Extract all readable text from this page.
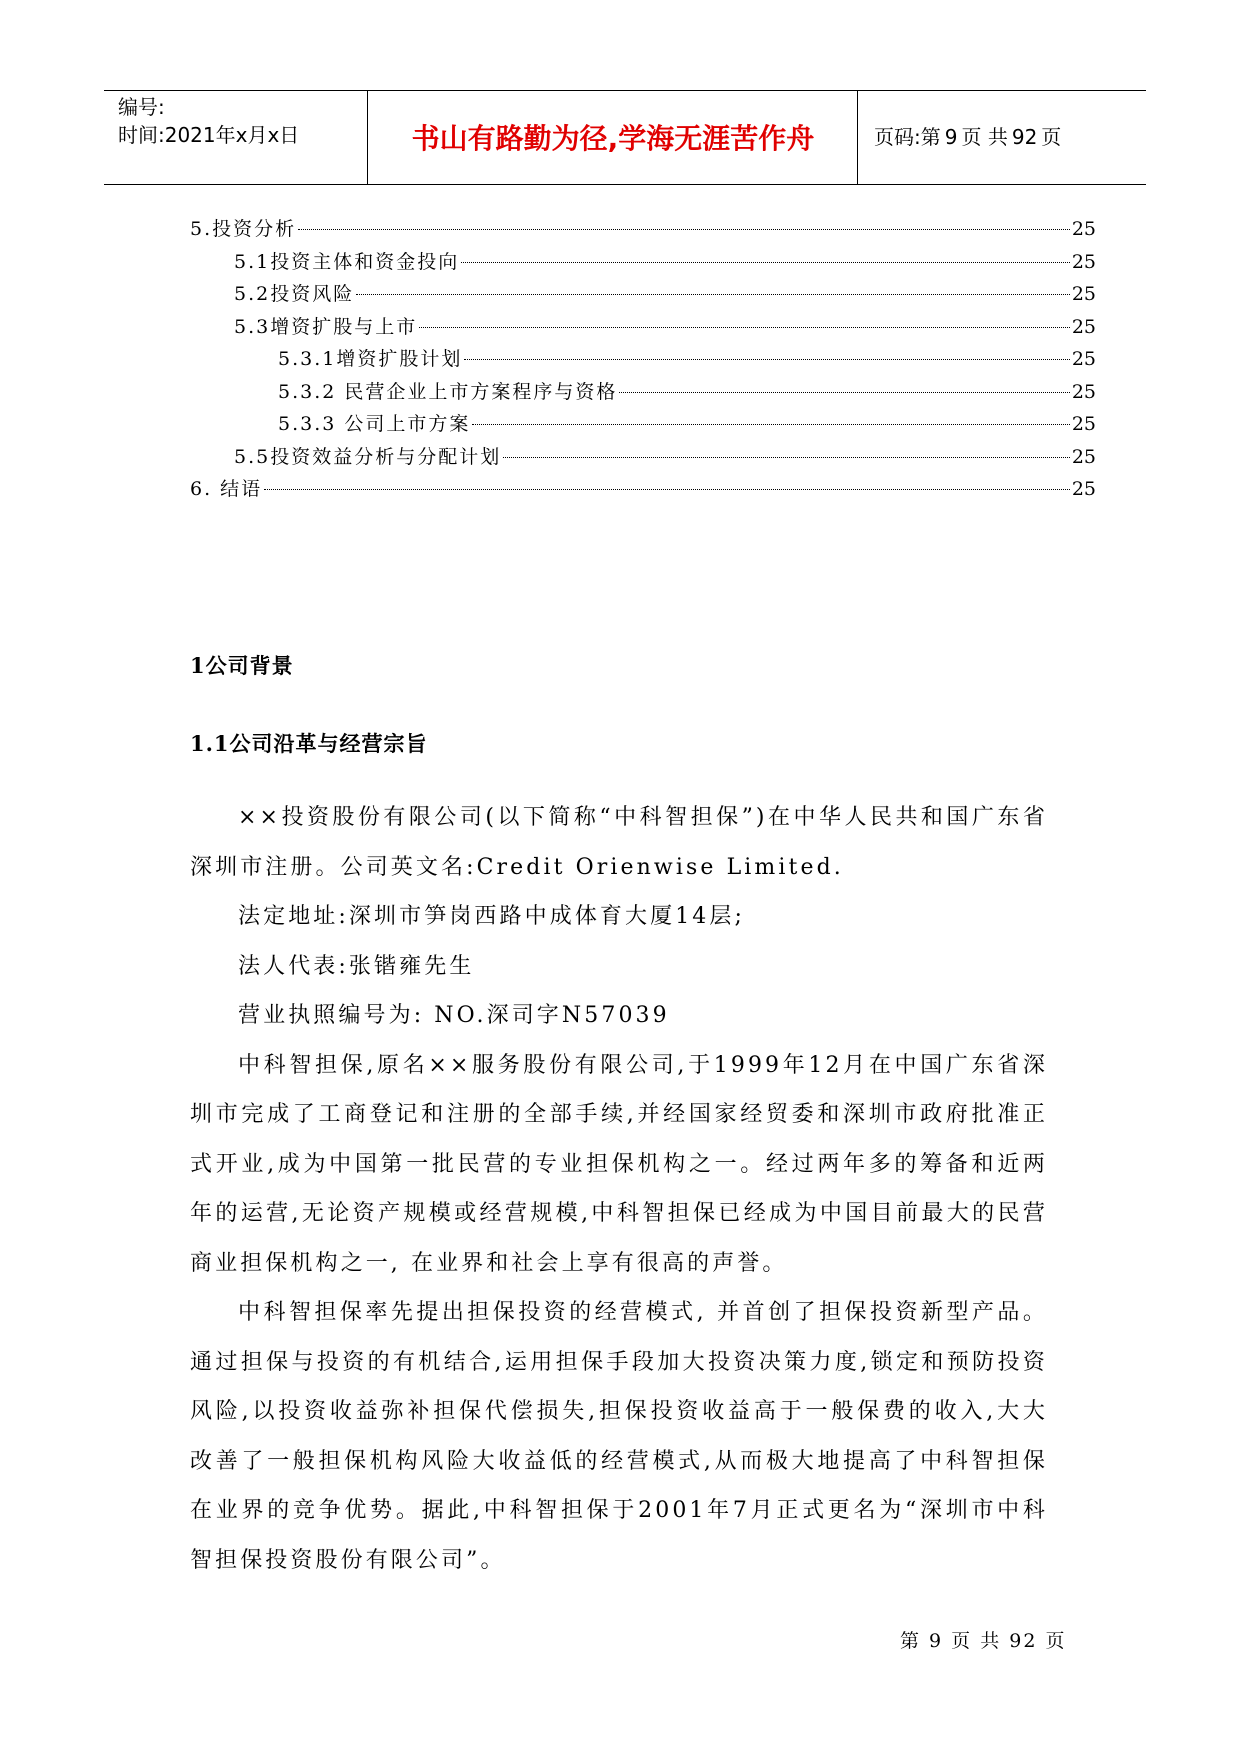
编号:
时间:2021年x月x日	书山有路勤为径,学海无涯苦作舟	页码:第 9 页 共 92 页
5.投资分析	25
5.1投资主体和资金投向	25
5.2投资风险	25
5.3增资扩股与上市	25
5.3.1增资扩股计划	25
5.3.2 民营企业上市方案程序与资格	25
5.3.3 公司上市方案	25
5.5投资效益分析与分配计划	25
6. 结语	25
1公司背景
1.1公司沿革与经营宗旨

××投资股份有限公司(以下简称“中科智担保”)在中华人民共和国广东省深圳市注册。公司英文名:Credit Orienwise Limited.

法定地址:深圳市笋岗西路中成体育大厦14层;

法人代表:张锴雍先生

营业执照编号为: NO.深司字N57039

中科智担保,原名××服务股份有限公司,于1999年12月在中国广东省深圳市完成了工商登记和注册的全部手续,并经国家经贸委和深圳市政府批准正式开业,成为中国第一批民营的专业担保机构之一。经过两年多的筹备和近两年的运营,无论资产规模或经营规模,中科智担保已经成为中国目前最大的民营商业担保机构之一, 在业界和社会上享有很高的声誉。

中科智担保率先提出担保投资的经营模式, 并首创了担保投资新型产品。通过担保与投资的有机结合,运用担保手段加大投资决策力度,锁定和预防投资风险,以投资收益弥补担保代偿损失,担保投资收益高于一般保费的收入,大大改善了一般担保机构风险大收益低的经营模式,从而极大地提高了中科智担保在业界的竞争优势。据此,中科智担保于2001年7月正式更名为“深圳市中科智担保投资股份有限公司”。

第 9 页 共 92 页
